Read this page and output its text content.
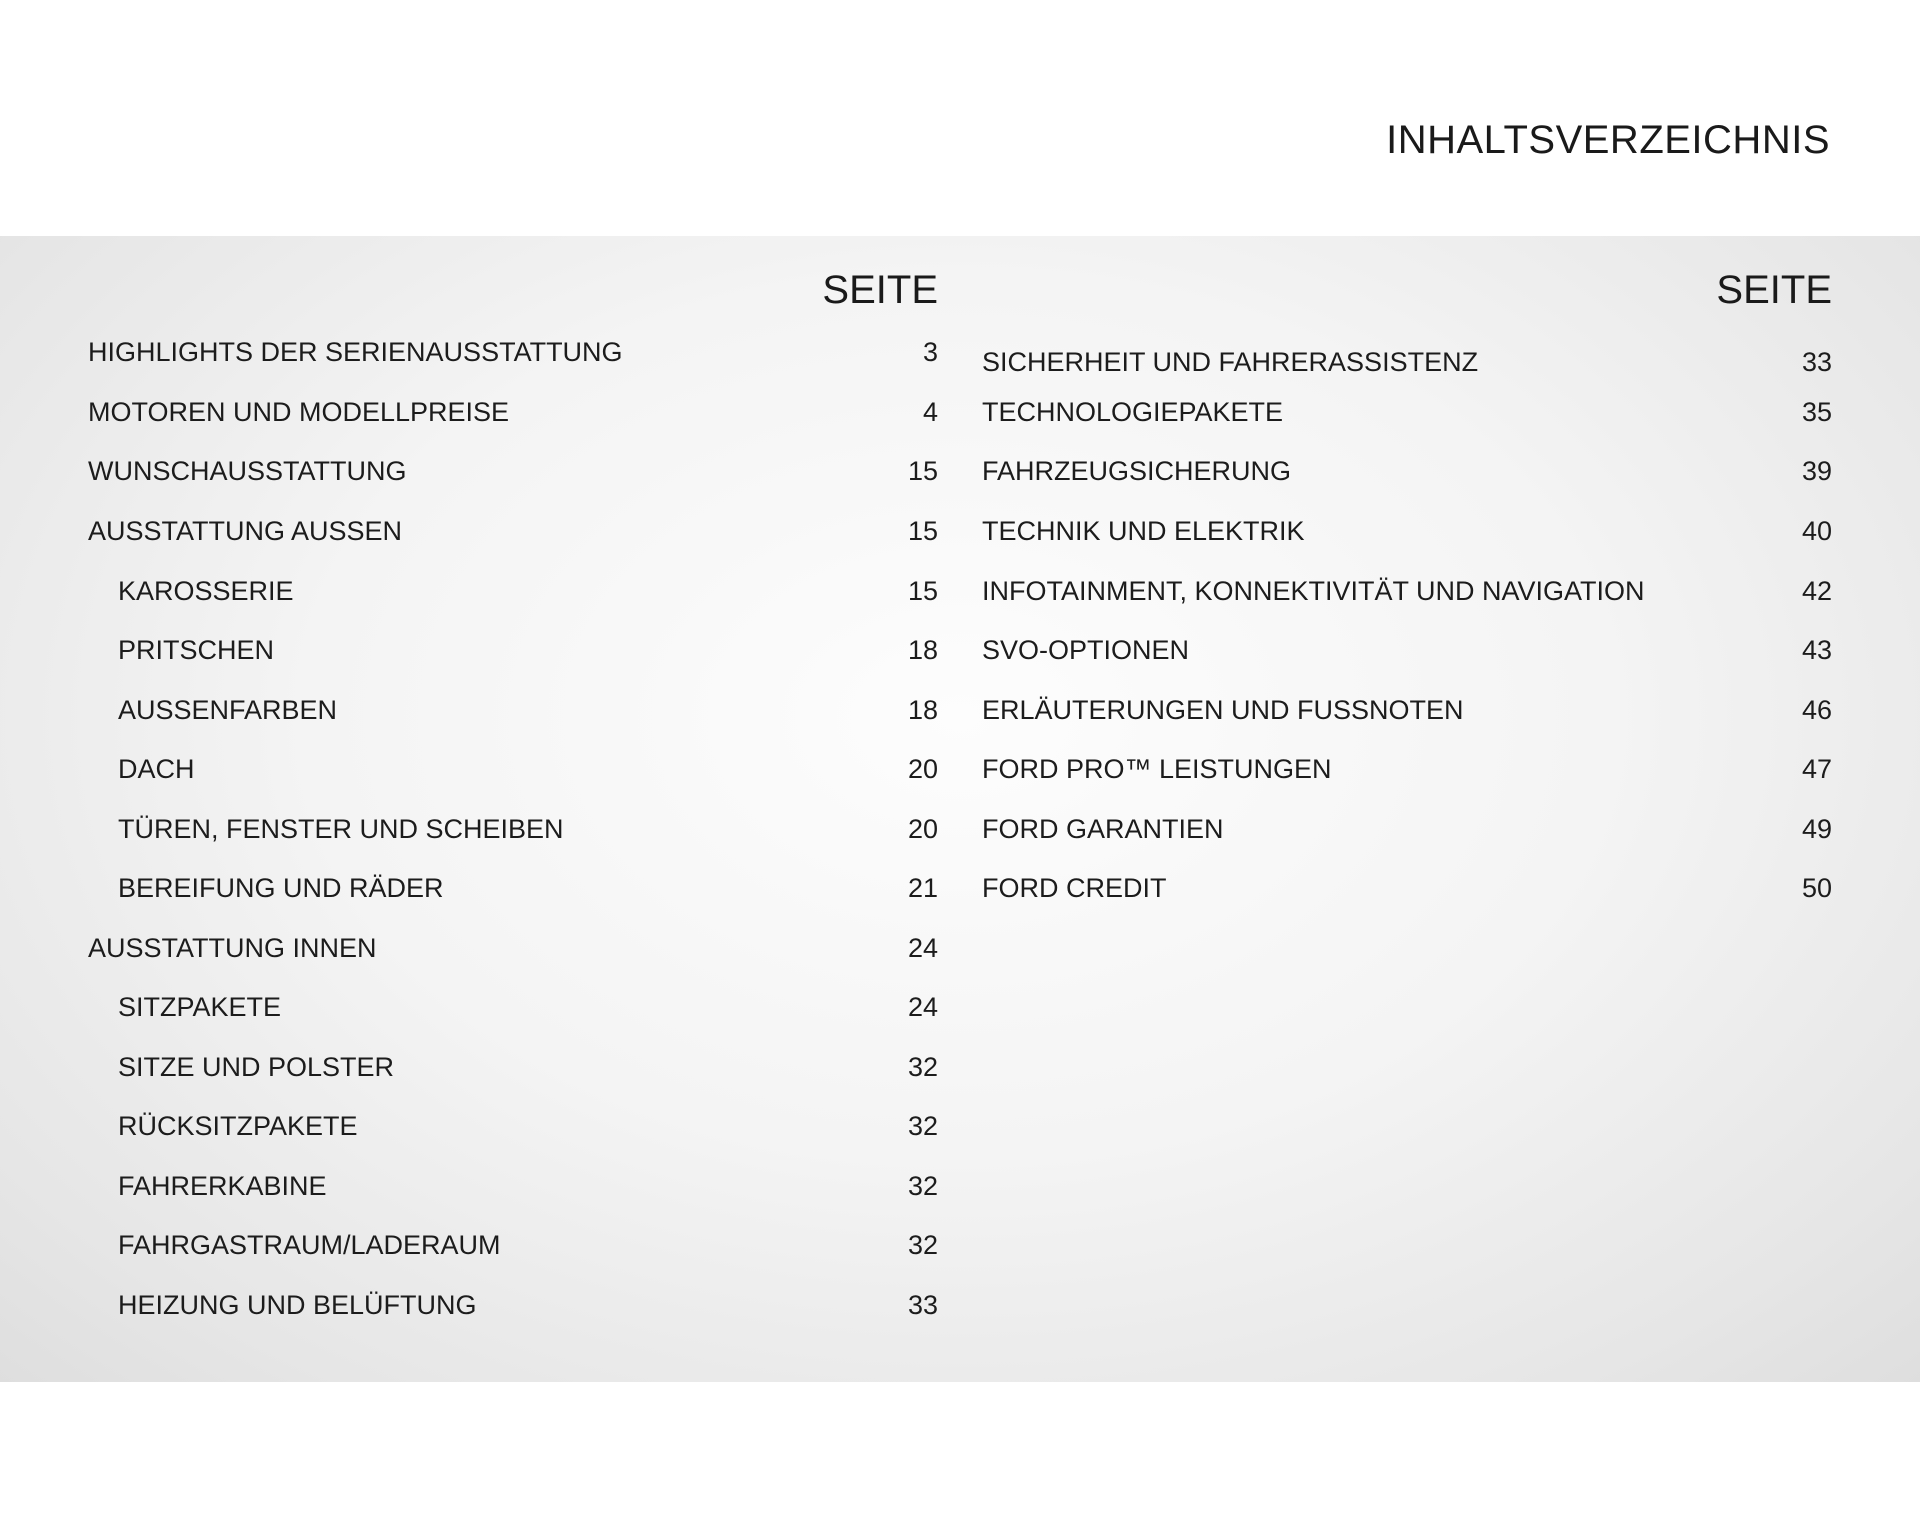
INHALTSVERZEICHNIS
SEITE
HIGHLIGHTS DER SERIENAUSSTATTUNG	3
MOTOREN UND MODELLPREISE	4
WUNSCHAUSSTATTUNG	15
AUSSTATTUNG AUSSEN	15
KAROSSERIE	15
PRITSCHEN	18
AUSSENFARBEN	18
DACH	20
TÜREN, FENSTER UND SCHEIBEN	20
BEREIFUNG UND RÄDER	21
AUSSTATTUNG INNEN	24
SITZPAKETE	24
SITZE UND POLSTER	32
RÜCKSITZPAKETE	32
FAHRERKABINE	32
FAHRGASTRAUM/LADERAUM	32
HEIZUNG UND BELÜFTUNG	33
SEITE
SICHERHEIT UND FAHRERASSISTENZ	33
TECHNOLOGIEPAKETE	35
FAHRZEUGSICHERUNG	39
TECHNIK UND ELEKTRIK	40
INFOTAINMENT, KONNEKTIVITÄT UND NAVIGATION	42
SVO-OPTIONEN	43
ERLÄUTERUNGEN UND FUSSNOTEN	46
FORD PRO™ LEISTUNGEN	47
FORD GARANTIEN	49
FORD CREDIT	50
